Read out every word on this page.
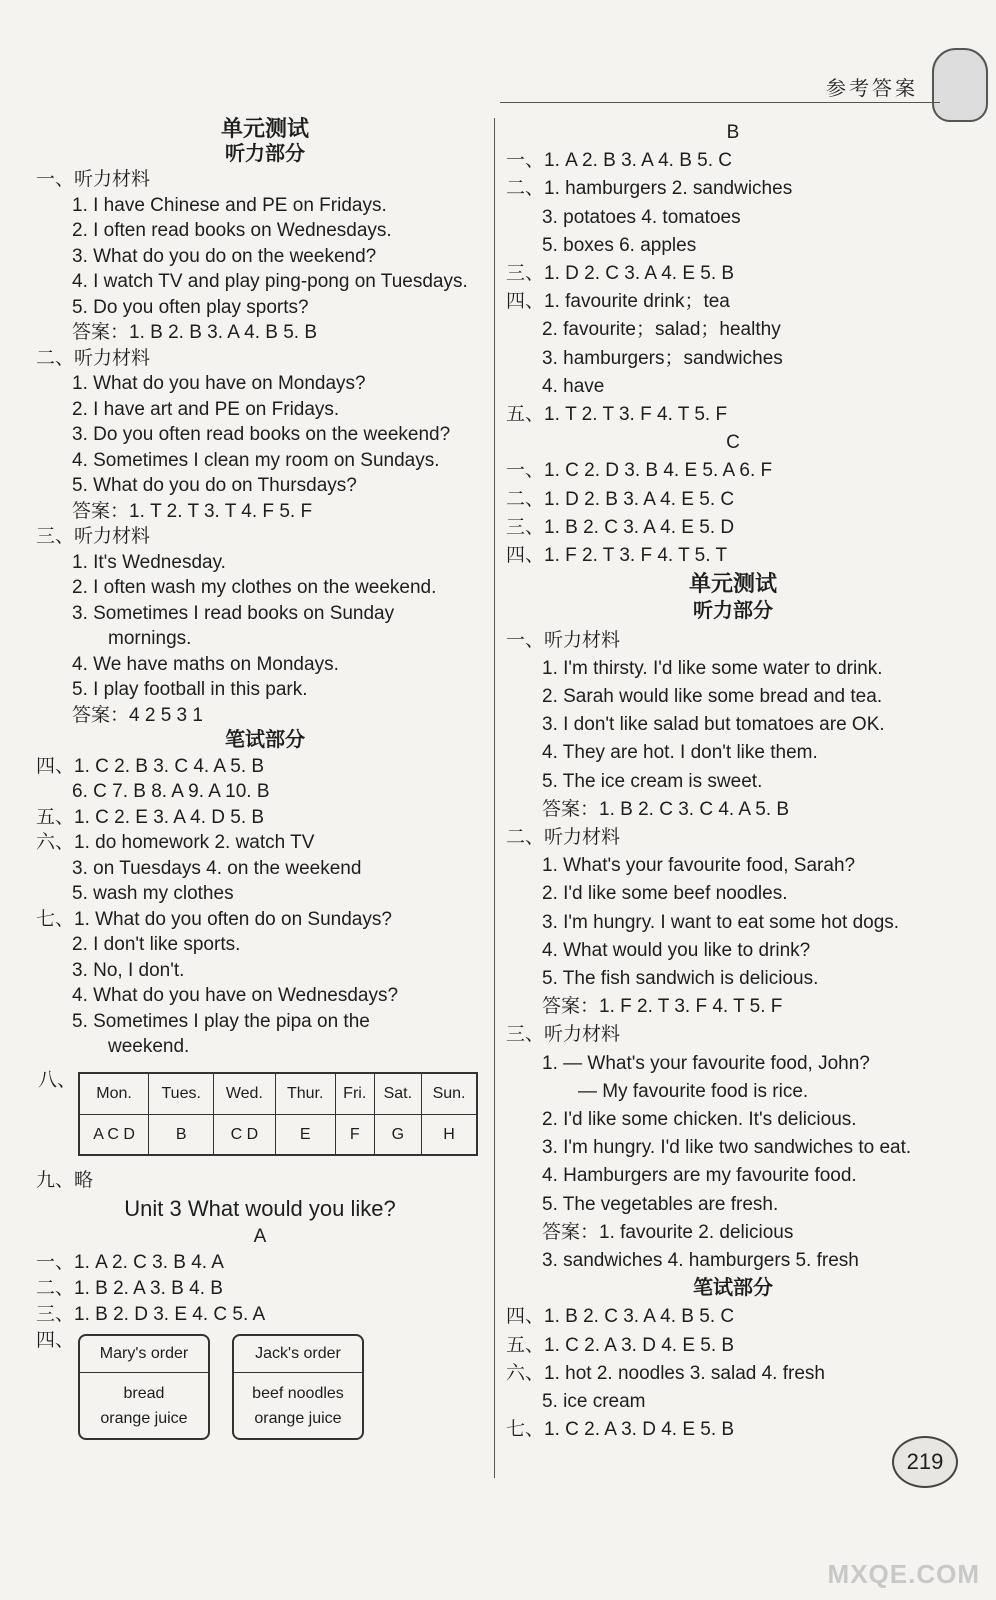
参考答案
单元测试
听力部分
一、听力材料
1. I have Chinese and PE on Fridays.
2. I often read books on Wednesdays.
3. What do you do on the weekend?
4. I watch TV and play ping-pong on Tuesdays.
5. Do you often play sports?
答案：1. B 2. B 3. A 4. B 5. B
二、听力材料
1. What do you have on Mondays?
2. I have art and PE on Fridays.
3. Do you often read books on the weekend?
4. Sometimes I clean my room on Sundays.
5. What do you do on Thursdays?
答案：1. T 2. T 3. T 4. F 5. F
三、听力材料
1. It's Wednesday.
2. I often wash my clothes on the weekend.
3. Sometimes I read books on Sunday
mornings.
4. We have maths on Mondays.
5. I play football in this park.
答案：4 2 5 3 1
笔试部分
四、1. C 2. B 3. C 4. A 5. B
6. C 7. B 8. A 9. A 10. B
五、1. C 2. E 3. A 4. D 5. B
六、1. do homework 2. watch TV
3. on Tuesdays 4. on the weekend
5. wash my clothes
七、1. What do you often do on Sundays?
2. I don't like sports.
3. No, I don't.
4. What do you have on Wednesdays?
5. Sometimes I play the pipa on the
weekend.
九、略
Unit 3 What would you like?
A
一、1. A 2. C 3. B 4. A
二、1. B 2. A 3. B 4. B
三、1. B 2. D 3. E 4. C 5. A
四、
B
一、1. A 2. B 3. A 4. B 5. C
二、1. hamburgers 2. sandwiches
3. potatoes 4. tomatoes
5. boxes 6. apples
三、1. D 2. C 3. A 4. E 5. B
四、1. favourite drink；tea
2. favourite；salad；healthy
3. hamburgers；sandwiches
4. have
五、1. T 2. T 3. F 4. T 5. F
C
一、1. C 2. D 3. B 4. E 5. A 6. F
二、1. D 2. B 3. A 4. E 5. C
三、1. B 2. C 3. A 4. E 5. D
四、1. F 2. T 3. F 4. T 5. T
单元测试
听力部分
一、听力材料
1. I'm thirsty. I'd like some water to drink.
2. Sarah would like some bread and tea.
3. I don't like salad but tomatoes are OK.
4. They are hot. I don't like them.
5. The ice cream is sweet.
答案：1. B 2. C 3. C 4. A 5. B
二、听力材料
1. What's your favourite food, Sarah?
2. I'd like some beef noodles.
3. I'm hungry. I want to eat some hot dogs.
4. What would you like to drink?
5. The fish sandwich is delicious.
答案：1. F 2. T 3. F 4. T 5. F
三、听力材料
1. — What's your favourite food, John?
— My favourite food is rice.
2. I'd like some chicken. It's delicious.
3. I'm hungry. I'd like two sandwiches to eat.
4. Hamburgers are my favourite food.
5. The vegetables are fresh.
答案：1. favourite 2. delicious
3. sandwiches 4. hamburgers 5. fresh
笔试部分
四、1. B 2. C 3. A 4. B 5. C
五、1. C 2. A 3. D 4. E 5. B
六、1. hot 2. noodles 3. salad 4. fresh
5. ice cream
七、1. C 2. A 3. D 4. E 5. B
八、
Mon.	Tues.	Wed.	Thur.	Fri.	Sat.	Sun.
A C D	B	C D	E	F	G	H
Mary's order
bread
orange juice
Jack's order
beef noodles
orange juice
219
MXQE.COM
